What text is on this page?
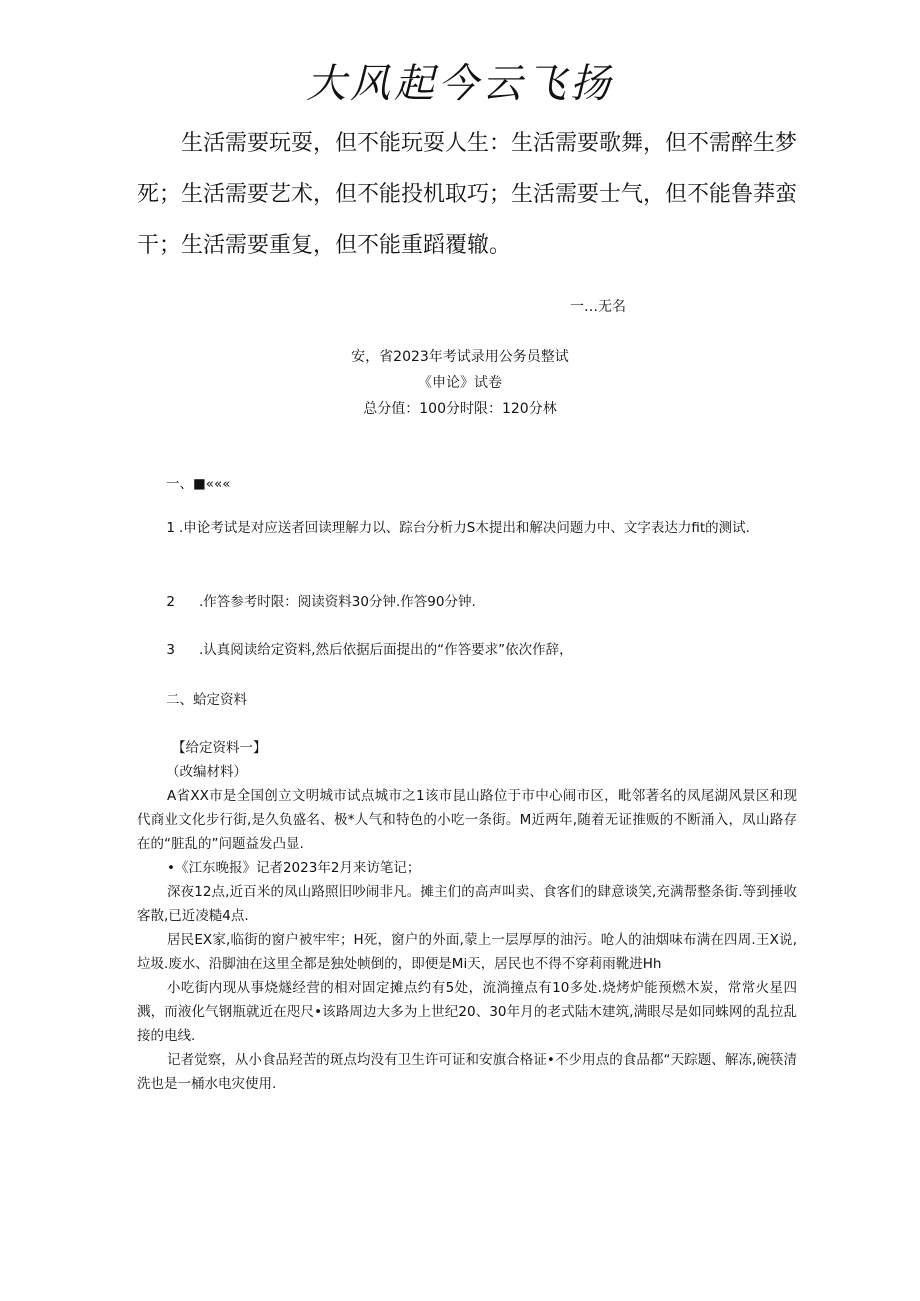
大风起今云飞扬

生活需要玩耍，但不能玩耍人生：生活需要歌舞，但不需醉生梦死；生活需要艺术，但不能投机取巧；生活需要士气，但不能鲁莽蛮干；生活需要重复，但不能重蹈覆辙。

一…无名
安，省2023年考试录用公务员整试
《申论》试卷
总分值：100分时限：120分林
一、■«««
1 .申论考试是对应送者回读理解力以、踪台分析力S木提出和解决问题力中、文字表达力fit的测试.
2 .作答参考时限：阅读资料30分钟.作答90分钟.
3 .认真阅读给定资料,然后依据后面提出的“作答要求”依次作辞，
二、蛤定资料
【给定资料一】
（改编材料）

A省XX市是全国创立文明城市试点城市之1该市昆山路位于市中心闹市区，毗邻著名的凤尾湖风景区和现代商业文化步行街,是久负盛名、极*人气和特色的小吃一条街。M近两年,随着无证推贩的不断涌入，凤山路存在的“脏乱的”问题益发凸显.

•《江东晚报》记者2023年2月来访笔记；

深夜12点,近百米的凤山路照旧吵闹非凡。摊主们的高声叫卖、食客们的肆意谈笑,充满帮整条街.等到捶收客散,已近凌糙4点.

居民EX家,临街的窗户被牢牢；H死，窗户的外面,蒙上一层厚厚的油污。呛人的油烟味布满在四周.王X说,垃圾.废水、沿脚油在这里全都是独处帧倒的，即便是Mi天，居民也不得不穿莉雨靴进Hh

小吃街内现从事烧燧经营的相对固定摊点约有5处，流淌撞点有10多处.烧烤炉能预燃木炭，常常火星四溅，而液化气钢瓶就近在咫尺•该路周边大多为上世纪20、30年月的老式陆木建筑,满眼尽是如同蛛网的乱拉乱接的电线.

记者觉察，从小食品羟苦的斑点均没有卫生许可证和安旗合格证•不少用点的食品都“天踪题、解冻,碗筷清洗也是一桶水电灾使用.
